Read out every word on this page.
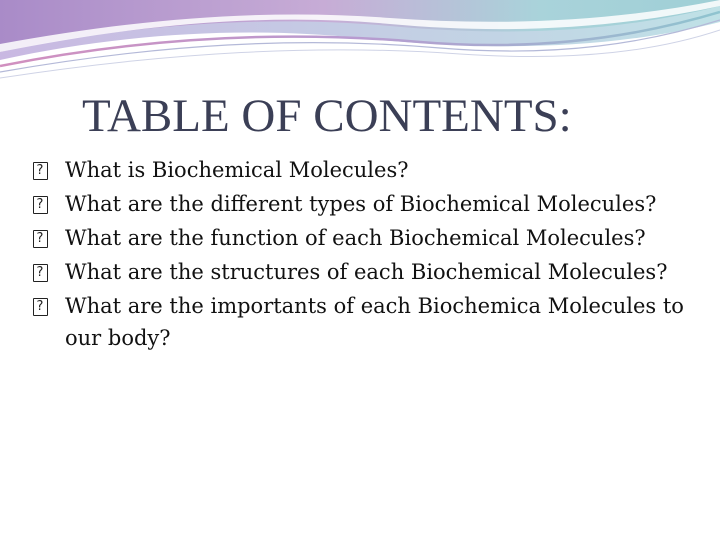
TABLE OF CONTENTS:
?
What is Biochemical Molecules?
?
What are the different types of Biochemical Molecules?
?
What are the function of each Biochemical Molecules?
?
What are the structures of each Biochemical Molecules?
?
What are the importants of each Biochemica Molecules to our body?
